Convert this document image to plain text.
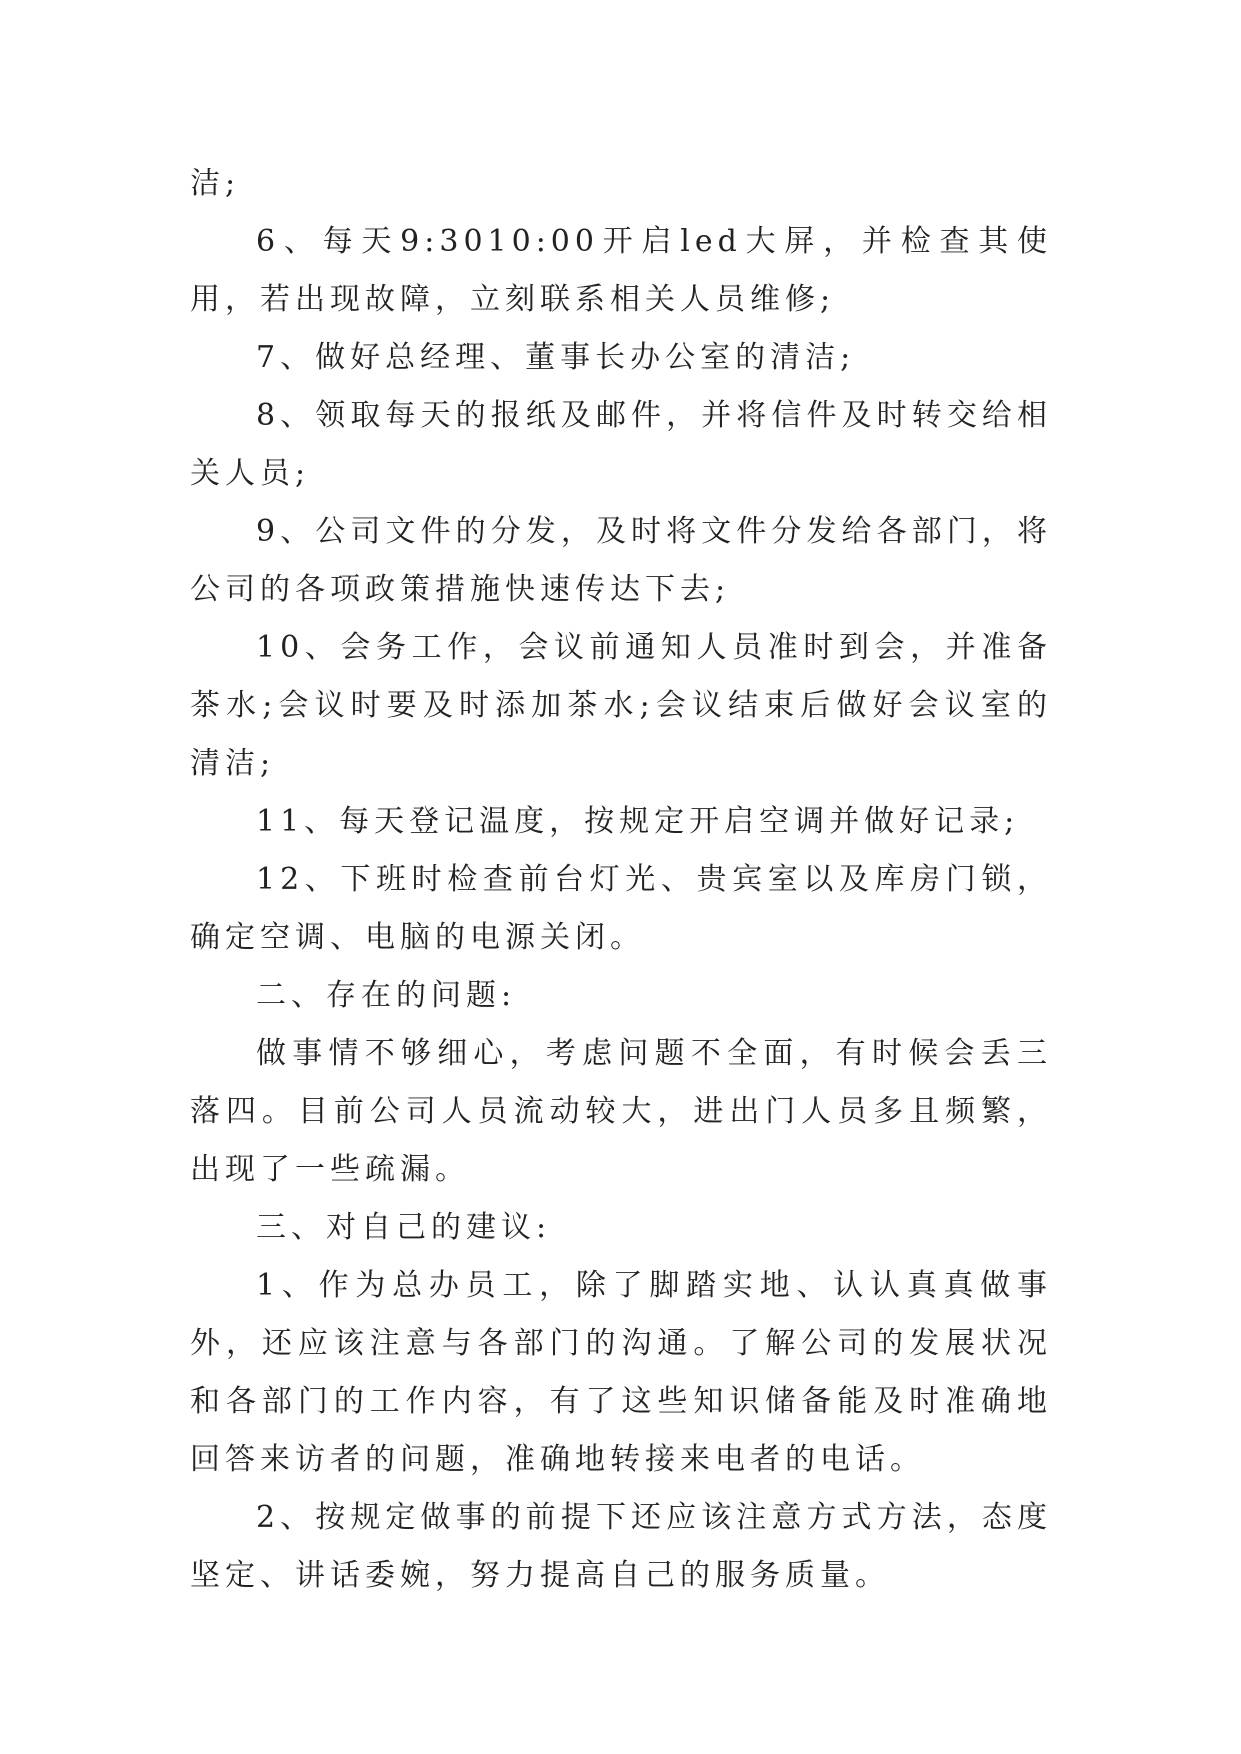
洁;

6、每天9:3010:00开启led大屏，并检查其使用，若出现故障，立刻联系相关人员维修;

7、做好总经理、董事长办公室的清洁;

8、领取每天的报纸及邮件，并将信件及时转交给相关人员;

9、公司文件的分发，及时将文件分发给各部门，将公司的各项政策措施快速传达下去;

10、会务工作，会议前通知人员准时到会，并准备茶水;会议时要及时添加茶水;会议结束后做好会议室的清洁;

11、每天登记温度，按规定开启空调并做好记录;

12、下班时检查前台灯光、贵宾室以及库房门锁，确定空调、电脑的电源关闭。

二、存在的问题:

做事情不够细心，考虑问题不全面，有时候会丢三落四。目前公司人员流动较大，进出门人员多且频繁，出现了一些疏漏。

三、对自己的建议:

1、作为总办员工，除了脚踏实地、认认真真做事外，还应该注意与各部门的沟通。了解公司的发展状况和各部门的工作内容，有了这些知识储备能及时准确地回答来访者的问题，准确地转接来电者的电话。

2、按规定做事的前提下还应该注意方式方法，态度坚定、讲话委婉，努力提高自己的服务质量。
